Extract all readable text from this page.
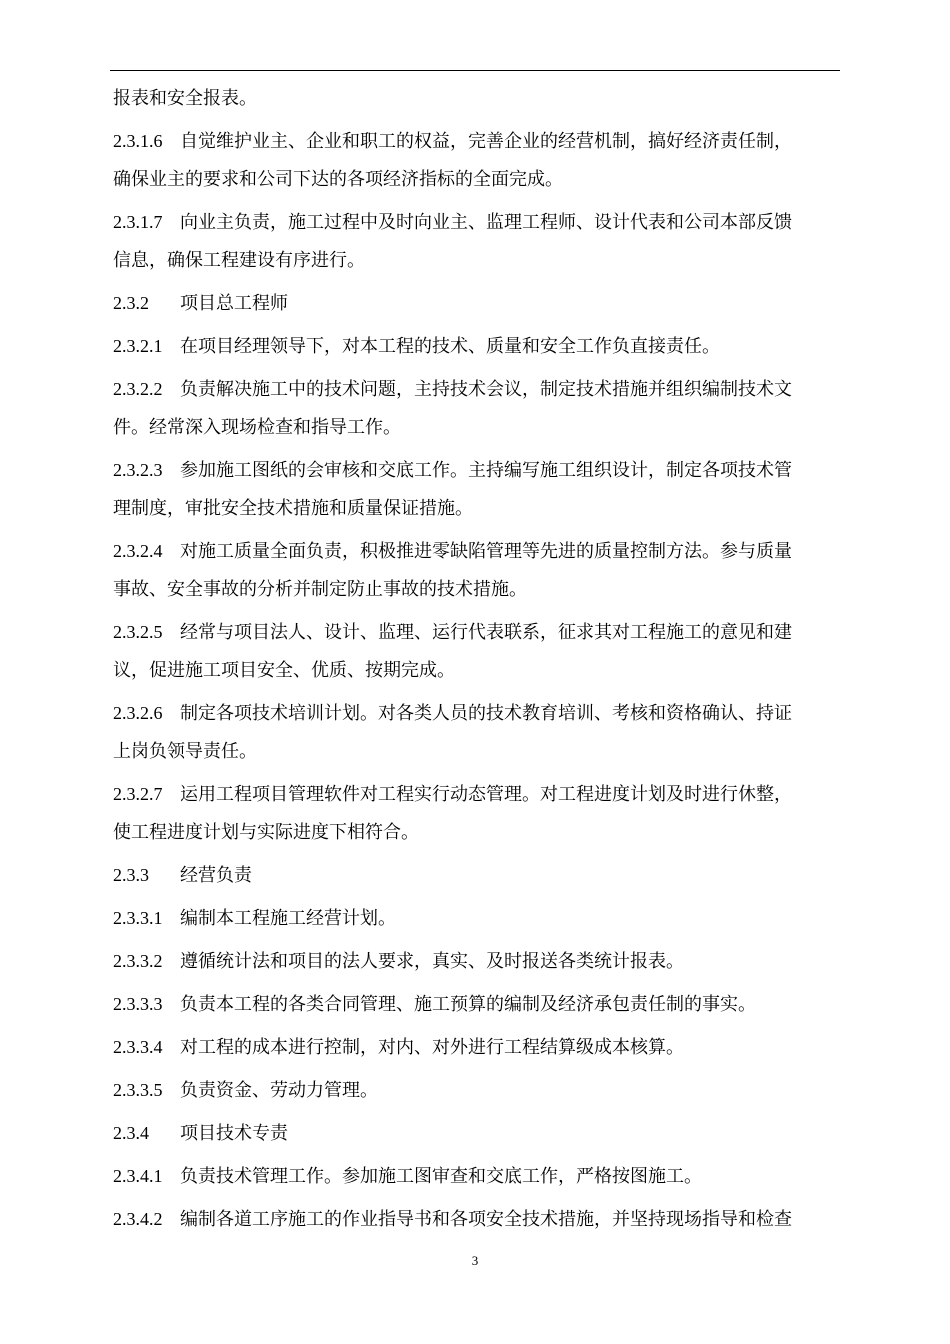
报表和安全报表。
2.3.1.6 自觉维护业主、企业和职工的权益，完善企业的经营机制，搞好经济责任制，
确保业主的要求和公司下达的各项经济指标的全面完成。
2.3.1.7 向业主负责，施工过程中及时向业主、监理工程师、设计代表和公司本部反馈
信息，确保工程建设有序进行。
2.3.2 项目总工程师
2.3.2.1 在项目经理领导下，对本工程的技术、质量和安全工作负直接责任。
2.3.2.2 负责解决施工中的技术问题，主持技术会议，制定技术措施并组织编制技术文
件。经常深入现场检查和指导工作。
2.3.2.3 参加施工图纸的会审核和交底工作。主持编写施工组织设计，制定各项技术管
理制度，审批安全技术措施和质量保证措施。
2.3.2.4 对施工质量全面负责，积极推进零缺陷管理等先进的质量控制方法。参与质量
事故、安全事故的分析并制定防止事故的技术措施。
2.3.2.5 经常与项目法人、设计、监理、运行代表联系，征求其对工程施工的意见和建
议，促进施工项目安全、优质、按期完成。
2.3.2.6 制定各项技术培训计划。对各类人员的技术教育培训、考核和资格确认、持证
上岗负领导责任。
2.3.2.7 运用工程项目管理软件对工程实行动态管理。对工程进度计划及时进行休整，
使工程进度计划与实际进度下相符合。
2.3.3 经营负责
2.3.3.1 编制本工程施工经营计划。
2.3.3.2 遵循统计法和项目的法人要求，真实、及时报送各类统计报表。
2.3.3.3 负责本工程的各类合同管理、施工预算的编制及经济承包责任制的事实。
2.3.3.4 对工程的成本进行控制，对内、对外进行工程结算级成本核算。
2.3.3.5 负责资金、劳动力管理。
2.3.4 项目技术专责
2.3.4.1 负责技术管理工作。参加施工图审查和交底工作，严格按图施工。
2.3.4.2 编制各道工序施工的作业指导书和各项安全技术措施，并坚持现场指导和检查
3
